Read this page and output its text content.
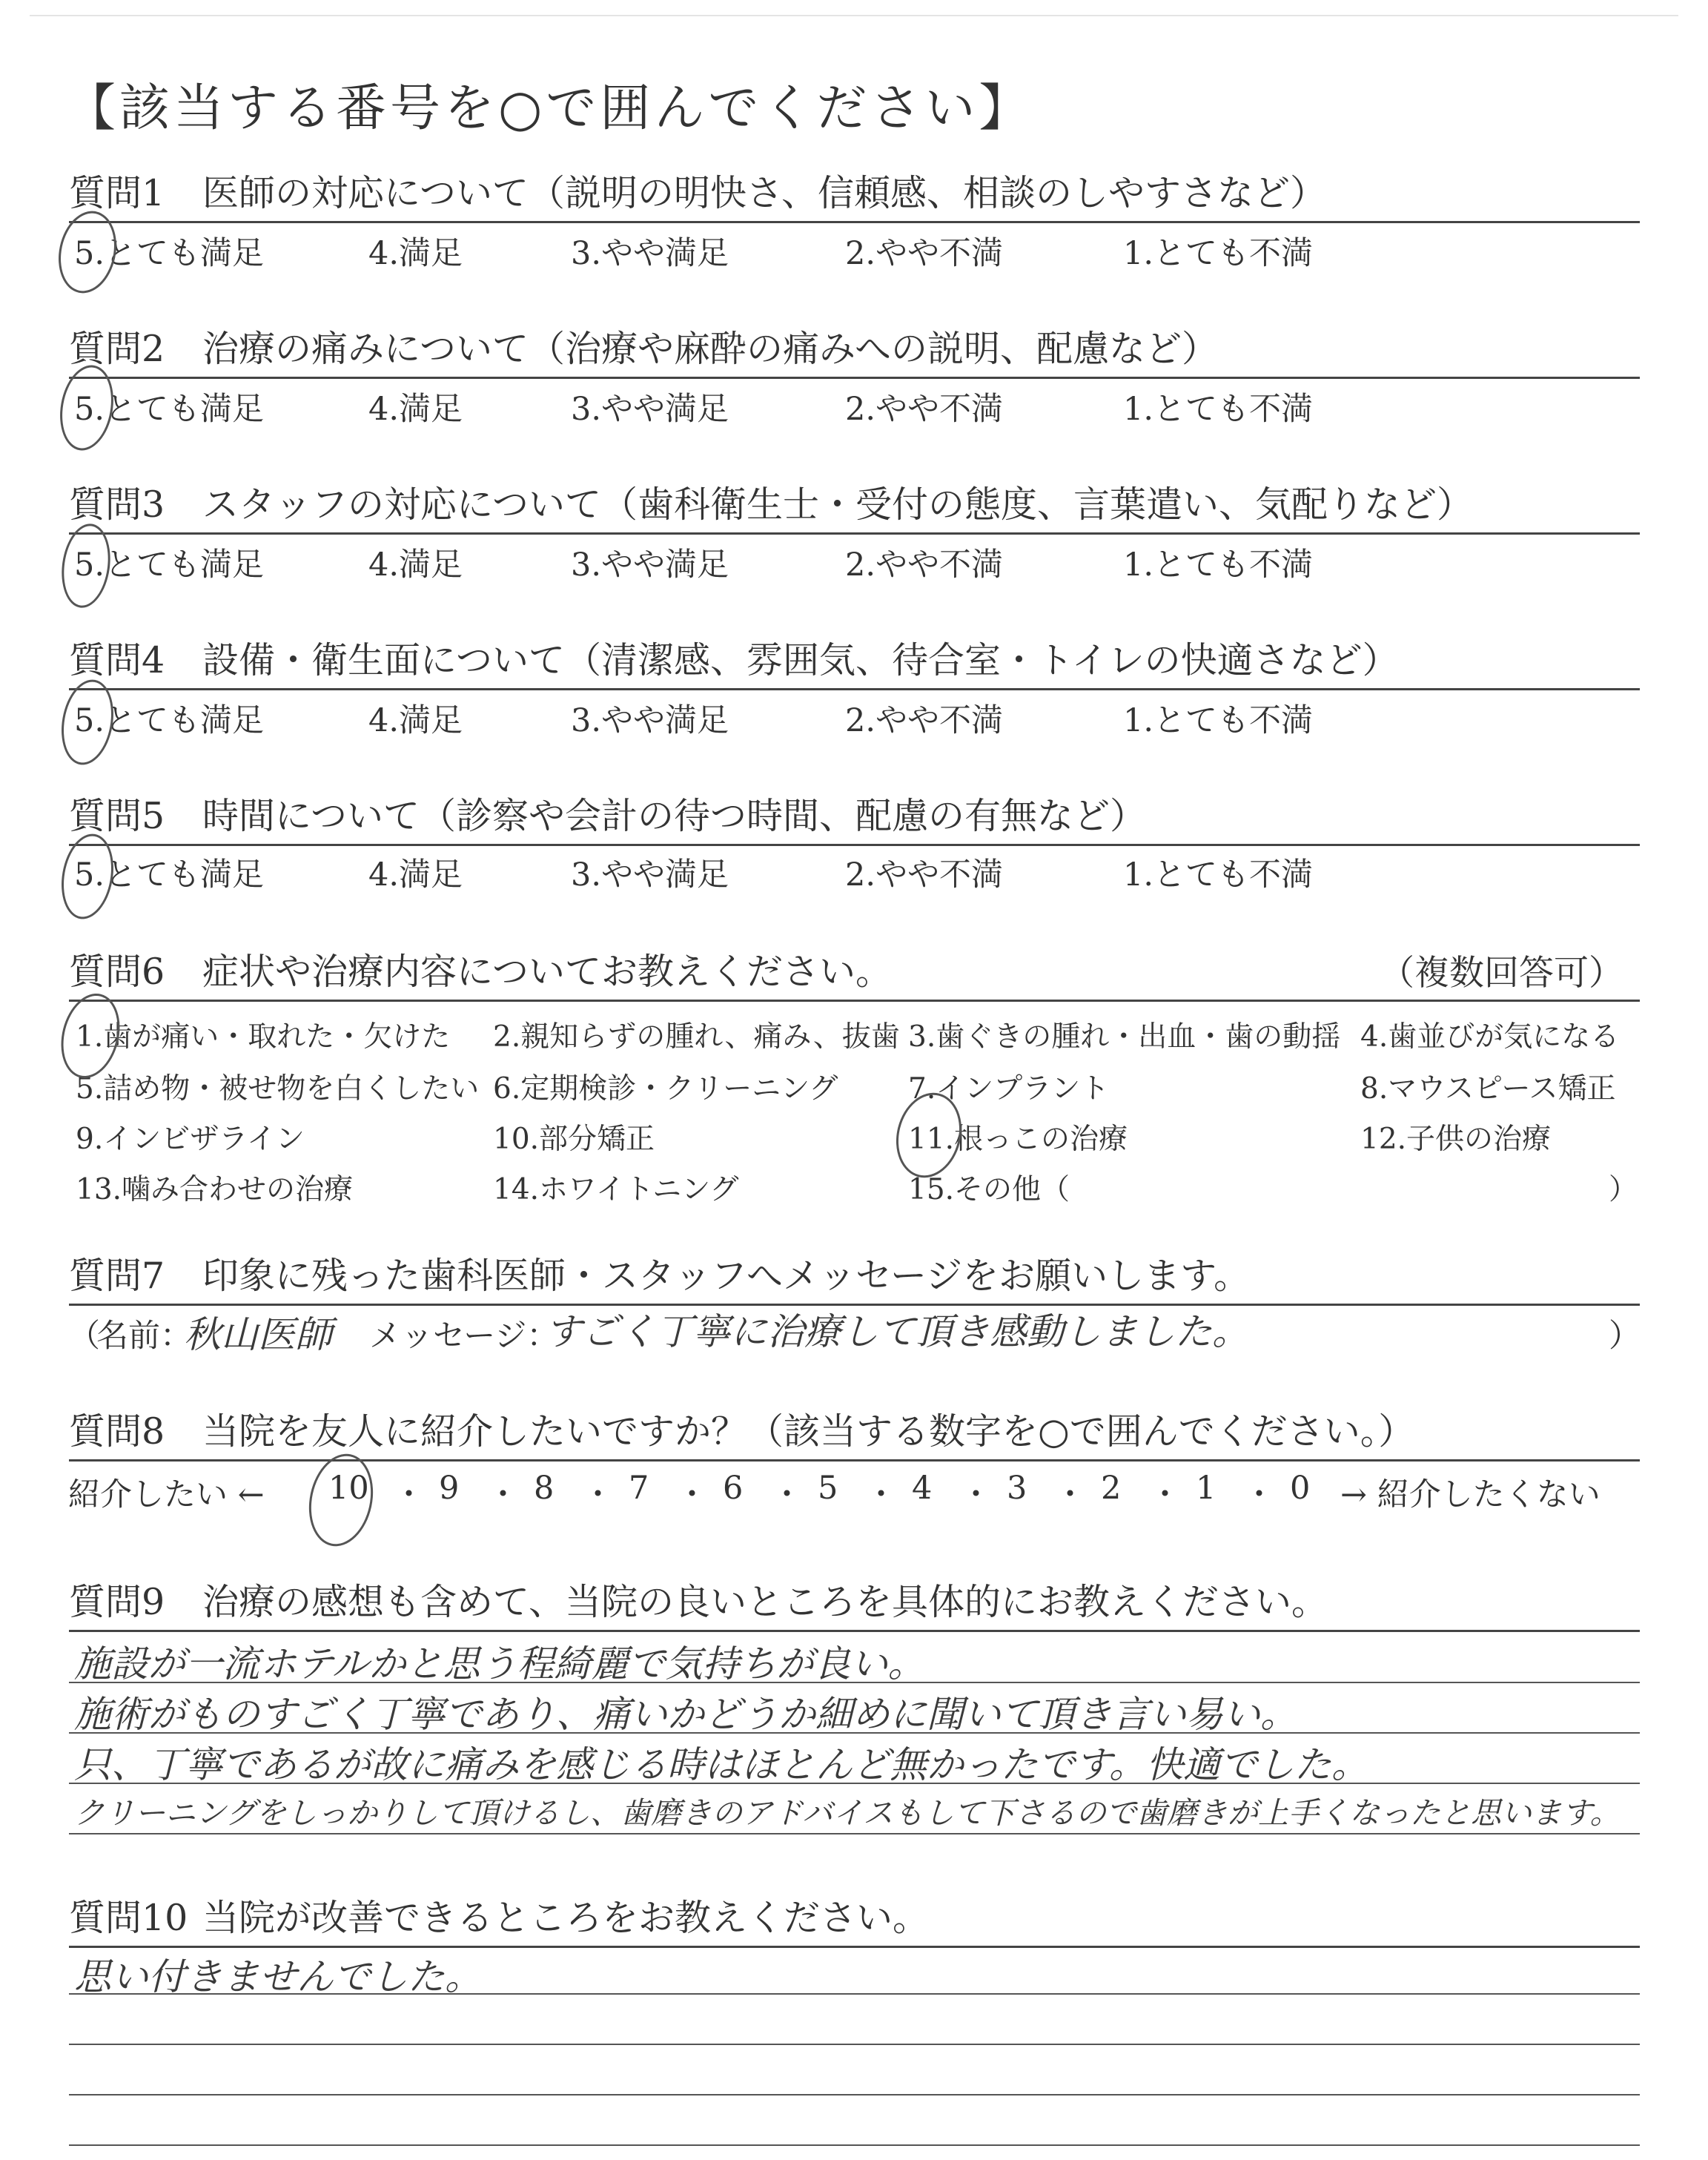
【該当する番号を○で囲んでください】
質問1 医師の対応について（説明の明快さ、信頼感、相談のしやすさなど）
5.とても満足	4.満足	3.やや満足	2.やや不満	1.とても不満
質問2 治療の痛みについて（治療や麻酔の痛みへの説明、配慮など）
5.とても満足	4.満足	3.やや満足	2.やや不満	1.とても不満
質問3 スタッフの対応について（歯科衛生士・受付の態度、言葉遣い、気配りなど）
5.とても満足	4.満足	3.やや満足	2.やや不満	1.とても不満
質問4 設備・衛生面について（清潔感、雰囲気、待合室・トイレの快適さなど）
5.とても満足	4.満足	3.やや満足	2.やや不満	1.とても不満
質問5 時間について（診察や会計の待つ時間、配慮の有無など）
5.とても満足	4.満足	3.やや満足	2.やや不満	1.とても不満
質問6 症状や治療内容についてお教えください。	（複数回答可）
1.歯が痛い・取れた・欠けた 2.親知らずの腫れ、痛み、抜歯 3.歯ぐきの腫れ・出血・歯の動揺 4.歯並びが気になる
5.詰め物・被せ物を白くしたい 6.定期検診・クリーニング 7.インプラント	8.マウスピース矯正
9.インビザライン	10.部分矯正	11.根っこの治療	12.子供の治療
13.噛み合わせの治療	14.ホワイトニング	15.その他（	）
質問7 印象に残った歯科医師・スタッフへメッセージをお願いします。
（
名前：
秋山医師 メッセージ：
すごく丁寧に治療して頂き感動しました。	）
質問8 当院を友人に紹介したいですか？（該当する数字を○で囲んでください。）
紹介したい ← 10 ・ 9 ・ 8 ・ 7 ・ 6 ・ 5 ・ 4 ・ 3 ・ 2 ・ 1 ・ 0 → 紹介したくない
質問9 治療の感想も含めて、当院の良いところを具体的にお教えください。
施設が一流ホテルかと思う程綺麗で気持ちが良い。
施術がものすごく丁寧であり、痛いかどうか細めに聞いて頂き言い易い。
只、丁寧であるが故に痛みを感じる時はほとんど無かったです。快適でした。
クリーニングをしっかりして頂けるし、歯磨きのアドバイスもして下さるので歯磨きが上手くなったと思います。
質問10 当院が改善できるところをお教えください。
思い付きませんでした。
